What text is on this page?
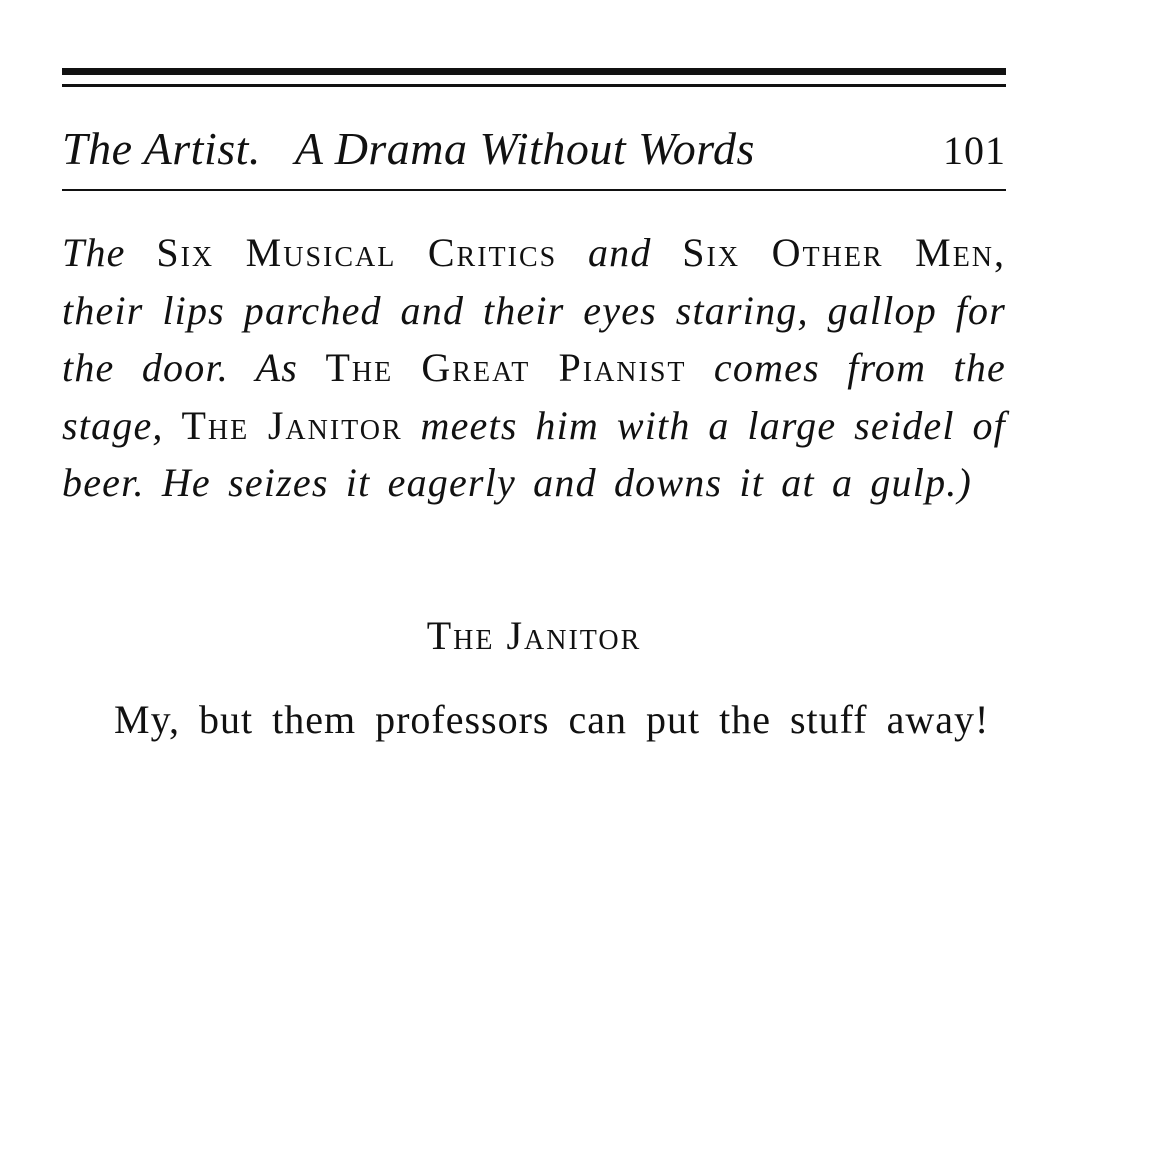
The Artist. A Drama Without Words	101

The Six Musical Critics and Six Other Men, their lips parched and their eyes staring, gallop for the door. As The Great Pianist comes from the stage, The Janitor meets him with a large seidel of beer. He seizes it eagerly and downs it at a gulp.)

The Janitor

My, but them professors can put the stuff away!
